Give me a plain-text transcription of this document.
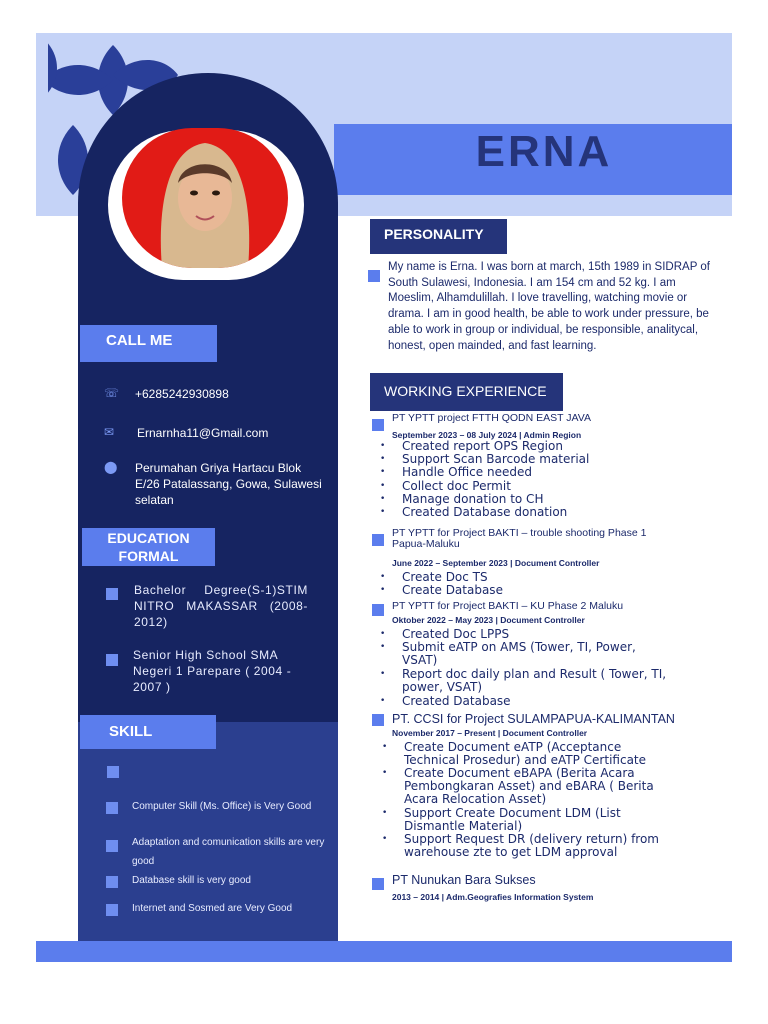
ERNA
CALL ME
☏ +6285242930898
✉	Ernarnha11@Gmail.com
⬤ Perumahan Griya Hartacu Blok E/26 Patalassang, Gowa, Sulawesi selatan
EDUCATION
FORMAL
Bachelor Degree(S-1)STIM NITRO MAKASSAR (2008-2012)
Senior High School SMA Negeri 1 Parepare ( 2004 - 2007 )
SKILL
Computer Skill (Ms. Office) is Very Good
Adaptation and comunication skills are very good
Database skill is very good
Internet and Sosmed are Very Good
PERSONALITY
My name is Erna. I was born at march, 15th 1989 in SIDRAP of South Sulawesi, Indonesia. I am 154 cm and 52 kg. I am Moeslim, Alhamdulillah. I love travelling, watching movie or drama. I am in good health, be able to work under pressure, be able to work in group or individual, be responsible, analitycal, honest, open mainded, and fast learning.
WORKING EXPERIENCE
PT YPTT project FTTH QODN EAST JAVA
September 2023 – 08 July 2024 | Admin Region
• Created report OPS Region
• Support Scan Barcode material
• Handle Office needed
• Collect doc Permit
• Manage donation to CH
• Created Database donation
PT YPTT for Project BAKTI – trouble shooting Phase 1 Papua-Maluku
June 2022 – September 2023 | Document Controller
• Create Doc TS
• Create Database
PT YPTT for Project BAKTI – KU Phase 2 Maluku
Oktober 2022 – May 2023 | Document Controller
• Created Doc LPPS
• Submit eATP on AMS (Tower, TI, Power, VSAT)
• Report doc daily plan and Result ( Tower, TI, power, VSAT)
• Created Database
PT. CCSI for Project SULAMPAPUA-KALIMANTAN
November 2017 – Present | Document Controller
• Create Document eATP (Acceptance Technical Prosedur) and eATP Certificate
• Create Document eBAPA (Berita Acara Pembongkaran Asset) and eBARA ( Berita Acara Relocation Asset)
• Support Create Document LDM (List Dismantle Material)
• Support Request DR (delivery return) from warehouse zte to get LDM approval
PT Nunukan Bara Sukses
2013 – 2014 | Adm.Geografies Information System
